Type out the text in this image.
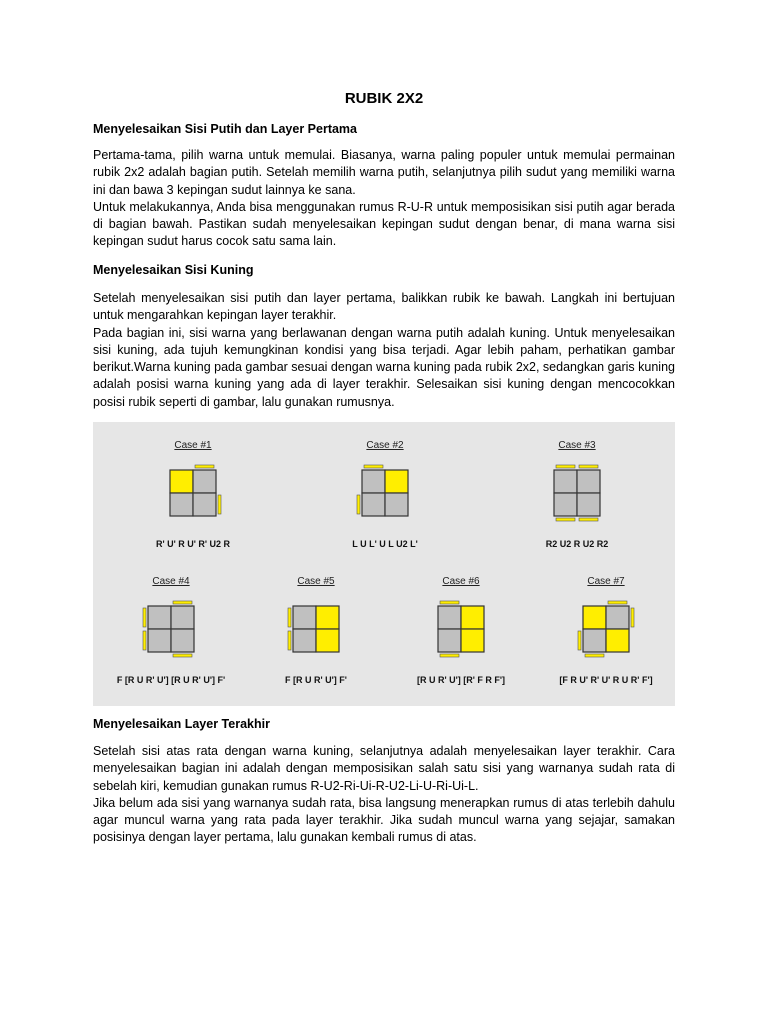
RUBIK 2X2
Menyelesaikan Sisi Putih dan Layer Pertama

Pertama-tama, pilih warna untuk memulai. Biasanya, warna paling populer untuk memulai permainan rubik 2x2 adalah bagian putih. Setelah memilih warna putih, selanjutnya pilih sudut yang memiliki warna ini dan bawa 3 kepingan sudut lainnya ke sana.

Untuk melakukannya, Anda bisa menggunakan rumus R-U-R untuk memposisikan sisi putih agar berada di bagian bawah. Pastikan sudah menyelesaikan kepingan sudut dengan benar, di mana warna sisi kepingan sudut harus cocok satu sama lain.

Menyelesaikan Sisi Kuning

Setelah menyelesaikan sisi putih dan layer pertama, balikkan rubik ke bawah. Langkah ini bertujuan untuk mengarahkan kepingan layer terakhir.

Pada bagian ini, sisi warna yang berlawanan dengan warna putih adalah kuning. Untuk menyelesaikan sisi kuning, ada tujuh kemungkinan kondisi yang bisa terjadi. Agar lebih paham, perhatikan gambar berikut.Warna kuning pada gambar sesuai dengan warna kuning pada rubik 2x2, sedangkan garis kuning adalah posisi warna kuning yang ada di layer terakhir. Selesaikan sisi kuning dengan mencocokkan posisi rubik seperti di gambar, lalu gunakan rumusnya.

Case #1
R' U' R U' R' U2 R
Case #2
L U L' U L U2 L'
Case #3
R2 U2 R U2 R2
Case #4
F [R U R' U'] [R U R' U'] F'
Case #5
F [R U R' U'] F'
Case #6
[R U R' U'] [R' F R F']
Case #7
[F R U' R' U' R U R' F']
Menyelesaikan Layer Terakhir

Setelah sisi atas rata dengan warna kuning, selanjutnya adalah menyelesaikan layer terakhir. Cara menyelesaikan bagian ini adalah dengan memposisikan salah satu sisi yang warnanya sudah rata di sebelah kiri, kemudian gunakan rumus R-U2-Ri-Ui-R-U2-Li-U-Ri-Ui-L.

Jika belum ada sisi yang warnanya sudah rata, bisa langsung menerapkan rumus di atas terlebih dahulu agar muncul warna yang rata pada layer terakhir. Jika sudah muncul warna yang sejajar, samakan posisinya dengan layer pertama, lalu gunakan kembali rumus di atas.
